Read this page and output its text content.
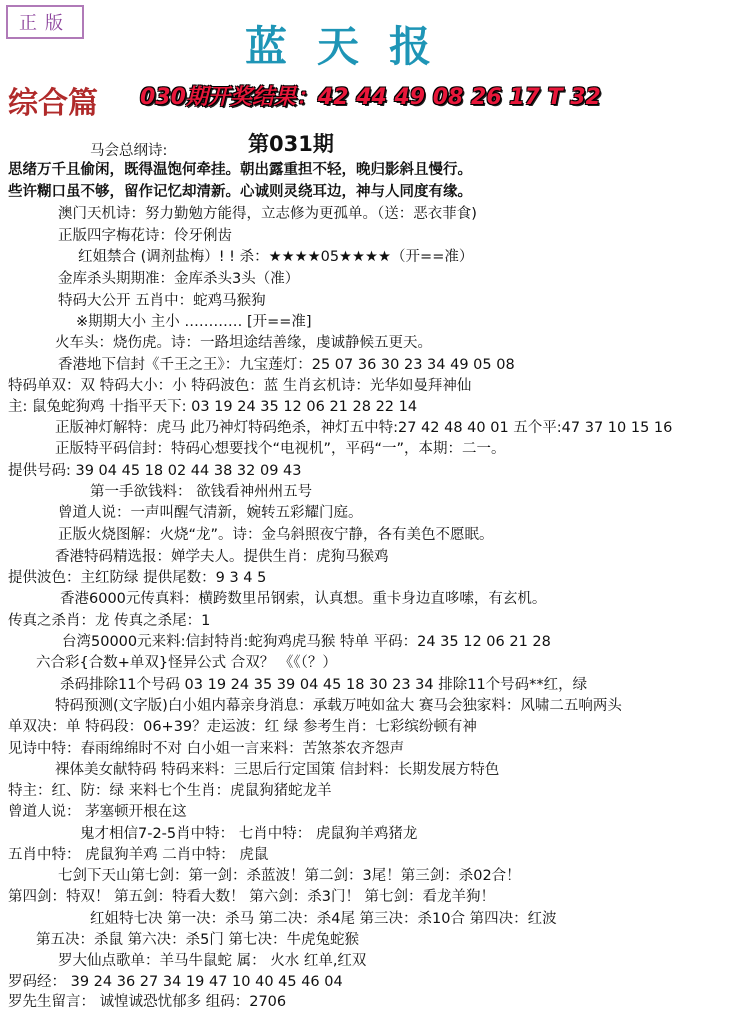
正版	蓝天报
综合篇 030期开奖结果：42 44 49 08 26 17 T 32
第031期
马会总纲诗:
思绪万千且偷闲，既得温饱何牵挂。朝出露重担不轻，晚归影斜且慢行。
些许糊口虽不够，留作记忆却清新。心诚则灵绕耳边，神与人同度有缘。
澳门天机诗：努力勤勉方能得，立志修为更孤单。（送：恶衣菲食)
正版四字梅花诗：伶牙俐齿
红姐禁合 (调剂盐梅）! ! 杀：★★★★05★★★★（开==准）
金库杀头期期准：金库杀头3头（准）
特码大公开 五肖中：蛇鸡马猴狗
※期期大小 主小 ………… [开==准]
火车头：烧伤虎。诗：一路坦途结善缘，虔诚静候五更天。
香港地下信封《千王之王》：九宝莲灯：25 07 36 30 23 34 49 05 08
特码单双：双 特码大小：小 特码波色：蓝 生肖玄机诗：光华如曼拜神仙
主: 鼠兔蛇狗鸡 十指平天下: 03 19 24 35 12 06 21 28 22 14
正版神灯解特：虎马 此乃神灯特码绝杀，神灯五中特:27 42 48 40 01 五个平:47 37 10 15 16
正版特平码信封：特码心想要找个“电视机”，平码“一”，本期：二一。
提供号码: 39 04 45 18 02 44 38 32 09 43
第一手欲钱料： 欲钱看神州州五号
曾道人说：一声叫醒气清新，婉转五彩耀门庭。
正版火烧图解：火烧“龙”。诗：金乌斜照夜宁静，各有美色不愿眠。
香港特码精选报：婵学夫人。提供生肖：虎狗马猴鸡
提供波色：主红防绿 提供尾数：9 3 4 5
香港6000元传真料：横跨数里吊钢索，认真想。重卡身边直哆嗦，有玄机。
传真之杀肖：龙 传真之杀尾：1
台湾50000元来料:信封特肖:蛇狗鸡虎马猴 特单 平码：24 35 12 06 21 28
六合彩{合数+单双}怪异公式 合双？ 《《（？）
杀码排除11个号码 03 19 24 35 39 04 45 18 30 23 34 排除11个号码**红，绿
特码预测(文字版)白小姐内幕亲身消息：承载万吨如盆大 赛马会独家料：风啸二五响两头
单双决：单 特码段：06+39？走运波：红 绿 参考生肖：七彩缤纷顿有神
见诗中特：春雨绵绵时不对 白小姐一言来料：苦煞茶农齐怨声
裸体美女献特码 特码来料：三思后行定国策 信封料：长期发展方特色
特主：红、防：绿 来料七个生肖：虎鼠狗猪蛇龙羊
曾道人说： 茅塞顿开根在这
鬼才相信7-2-5肖中特： 七肖中特： 虎鼠狗羊鸡猪龙
五肖中特： 虎鼠狗羊鸡 二肖中特： 虎鼠
七剑下天山第七剑：第一剑：杀蓝波！第二剑：3尾！第三剑：杀02合！
第四剑：特双！ 第五剑：特看大数！ 第六剑：杀3门！ 第七剑：看龙羊狗！
红姐特七决 第一决：杀马 第二决：杀4尾 第三决：杀10合 第四决：红波
第五决：杀鼠 第六决：杀5门 第七决：牛虎兔蛇猴
罗大仙点歌单：羊马牛鼠蛇 属： 火水 红单,红双
罗码经： 39 24 36 27 34 19 47 10 40 45 46 04
罗先生留言： 诚惶诚恐忧郁多 组码：2706
